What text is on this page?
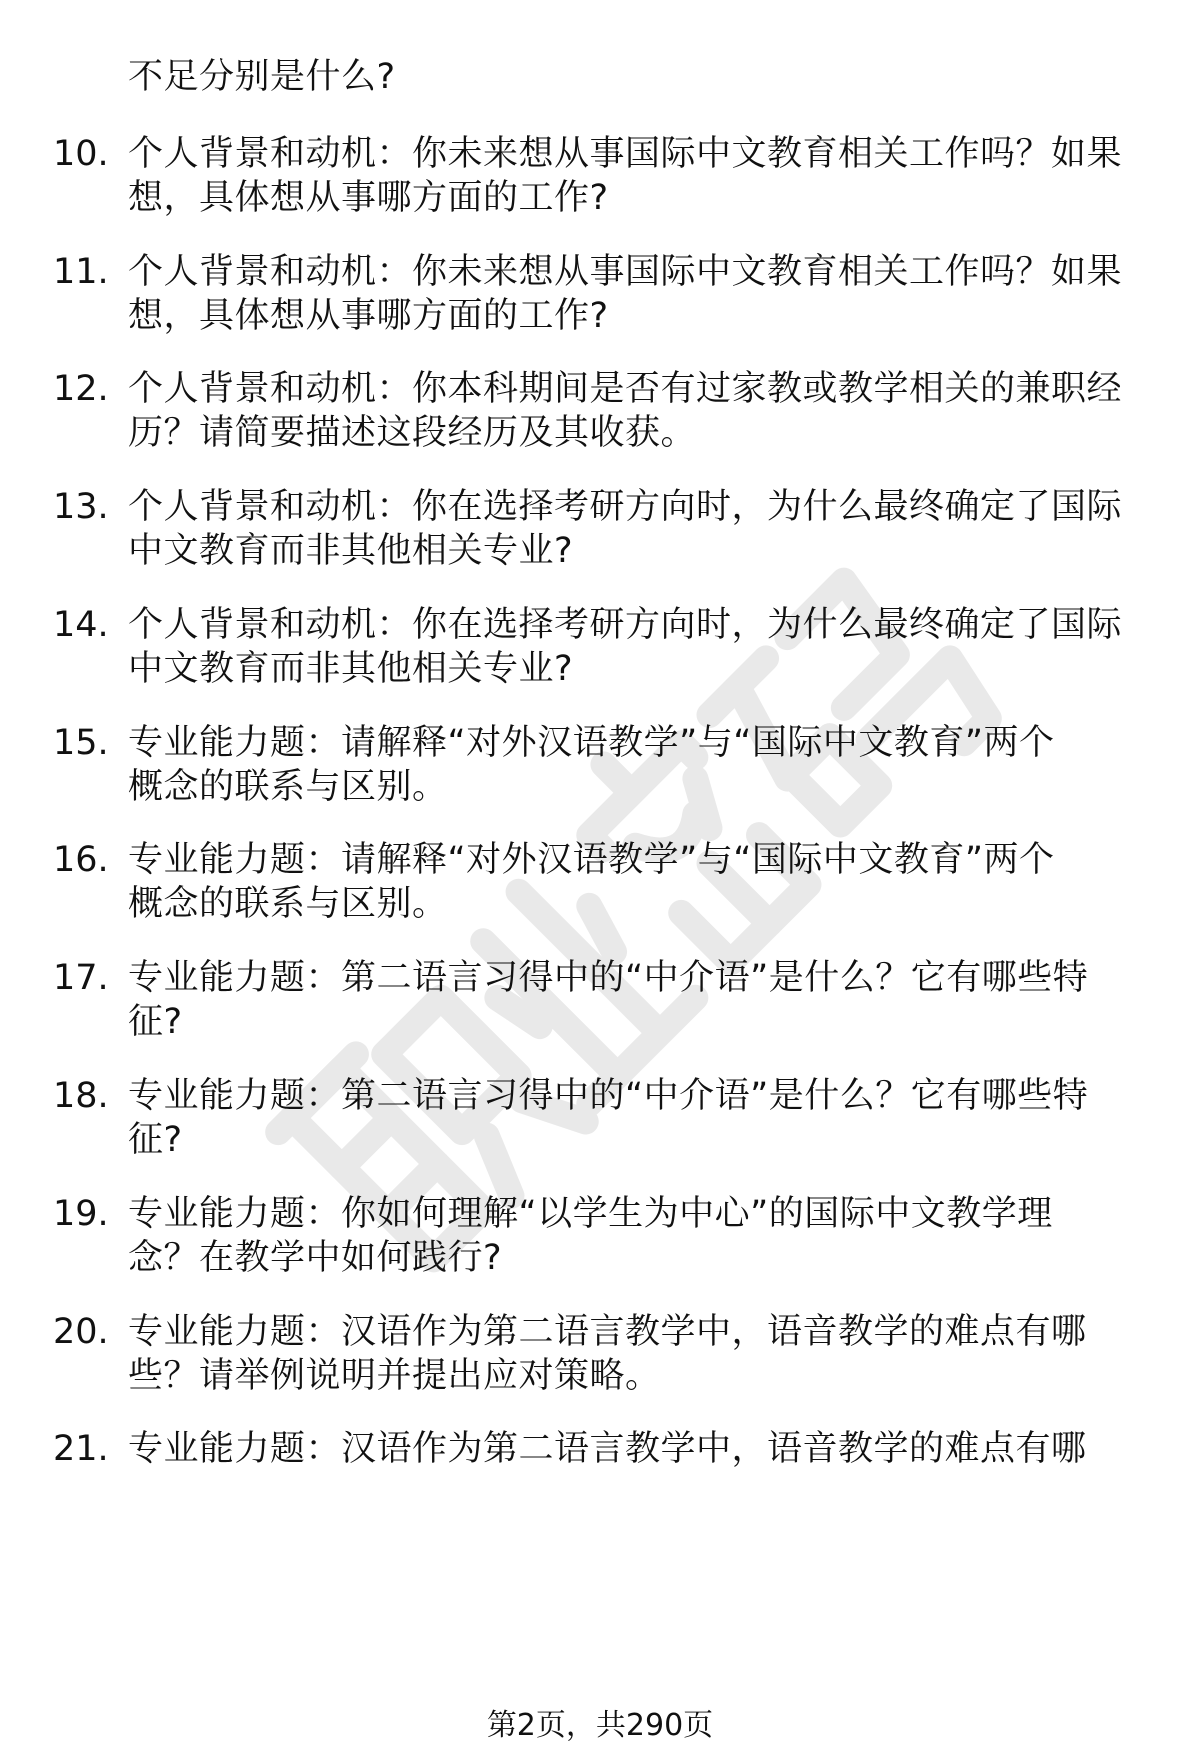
不足分别是什么?
10. 个人背景和动机：你未来想从事国际中文教育相关工作吗？如果
想，具体想从事哪方面的工作?
11. 个人背景和动机：你未来想从事国际中文教育相关工作吗？如果
想，具体想从事哪方面的工作?
12. 个人背景和动机：你本科期间是否有过家教或教学相关的兼职经
历？请简要描述这段经历及其收获。
13. 个人背景和动机：你在选择考研方向时，为什么最终确定了国际
中文教育而非其他相关专业?
14. 个人背景和动机：你在选择考研方向时，为什么最终确定了国际
中文教育而非其他相关专业?
15. 专业能力题：请解释“对外汉语教学”与“国际中文教育”两个
概念的联系与区别。
16. 专业能力题：请解释“对外汉语教学”与“国际中文教育”两个
概念的联系与区别。
17. 专业能力题：第二语言习得中的“中介语”是什么？它有哪些特
征?
18. 专业能力题：第二语言习得中的“中介语”是什么？它有哪些特
征?
19. 专业能力题：你如何理解“以学生为中心”的国际中文教学理
念？在教学中如何践行?
20. 专业能力题：汉语作为第二语言教学中，语音教学的难点有哪
些？请举例说明并提出应对策略。
21. 专业能力题：汉语作为第二语言教学中，语音教学的难点有哪
第2页，共290页
